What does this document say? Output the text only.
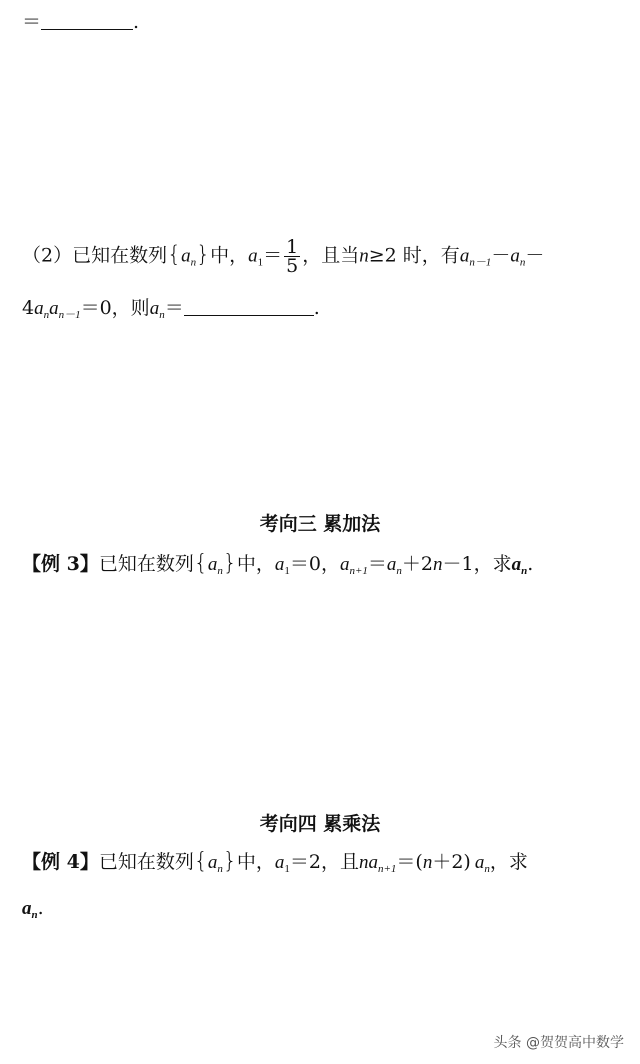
＝	.
（2）已知在数列$\{a_n\}$中，$a_1= \frac{1}{5}$ ，且当n≥2 时，有$a_{n-1}-a_n-$
$4a_na_{n-1}=0$，则$a_n=$	.
考向三 累加法
【例 3】已知在数列$\{a_n\}$中，$a_1=0$，$a_{n+1}=a_n+2n-1$，求$a_n$.
考向四 累乘法
【例 4】已知在数列$\{a_n\}$中，$a_1=2$，且$na_{n+1}=(n+2)$ $a_n$，求
$a_n$.
头条 @贺贺高中数学
